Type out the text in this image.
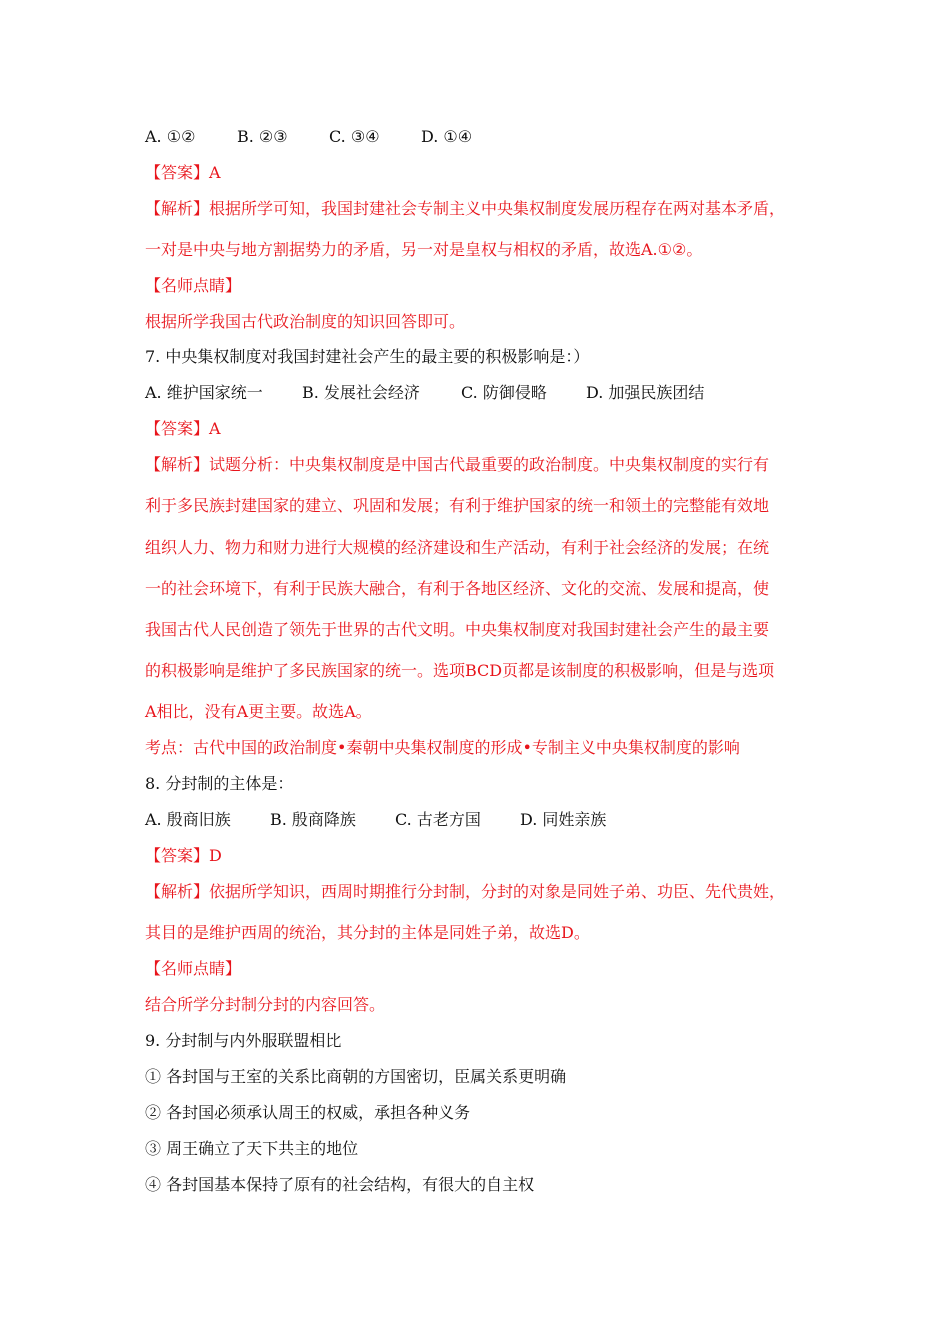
A. ①②	B. ②③	C. ③④	D. ①④
【答案】A
【解析】根据所学可知，我国封建社会专制主义中央集权制度发展历程存在两对基本矛盾，
一对是中央与地方割据势力的矛盾，另一对是皇权与相权的矛盾，故选A.①②。
【名师点睛】
根据所学我国古代政治制度的知识回答即可。
7. 中央集权制度对我国封建社会产生的最主要的积极影响是：）
A. 维护国家统一 B. 发展社会经济	C. 防御侵略 D. 加强民族团结
【答案】A
【解析】试题分析：中央集权制度是中国古代最重要的政治制度。中央集权制度的实行有
利于多民族封建国家的建立、巩固和发展；有利于维护国家的统一和领土的完整能有效地
组织人力、物力和财力进行大规模的经济建设和生产活动，有利于社会经济的发展；在统
一的社会环境下，有利于民族大融合，有利于各地区经济、文化的交流、发展和提高，使
我国古代人民创造了领先于世界的古代文明。中央集权制度对我国封建社会产生的最主要
的积极影响是维护了多民族国家的统一。选项BCD页都是该制度的积极影响，但是与选项
A相比，没有A更主要。故选A。
考点：古代中国的政治制度•秦朝中央集权制度的形成•专制主义中央集权制度的影响
8. 分封制的主体是：
A. 殷商旧族 B. 殷商降族 C. 古老方国 D. 同姓亲族
【答案】D
【解析】依据所学知识，西周时期推行分封制，分封的对象是同姓子弟、功臣、先代贵姓，
其目的是维护西周的统治，其分封的主体是同姓子弟，故选D。
【名师点睛】
结合所学分封制分封的内容回答。
9. 分封制与内外服联盟相比
① 各封国与王室的关系比商朝的方国密切，臣属关系更明确
② 各封国必须承认周王的权威，承担各种义务
③ 周王确立了天下共主的地位
④ 各封国基本保持了原有的社会结构，有很大的自主权
